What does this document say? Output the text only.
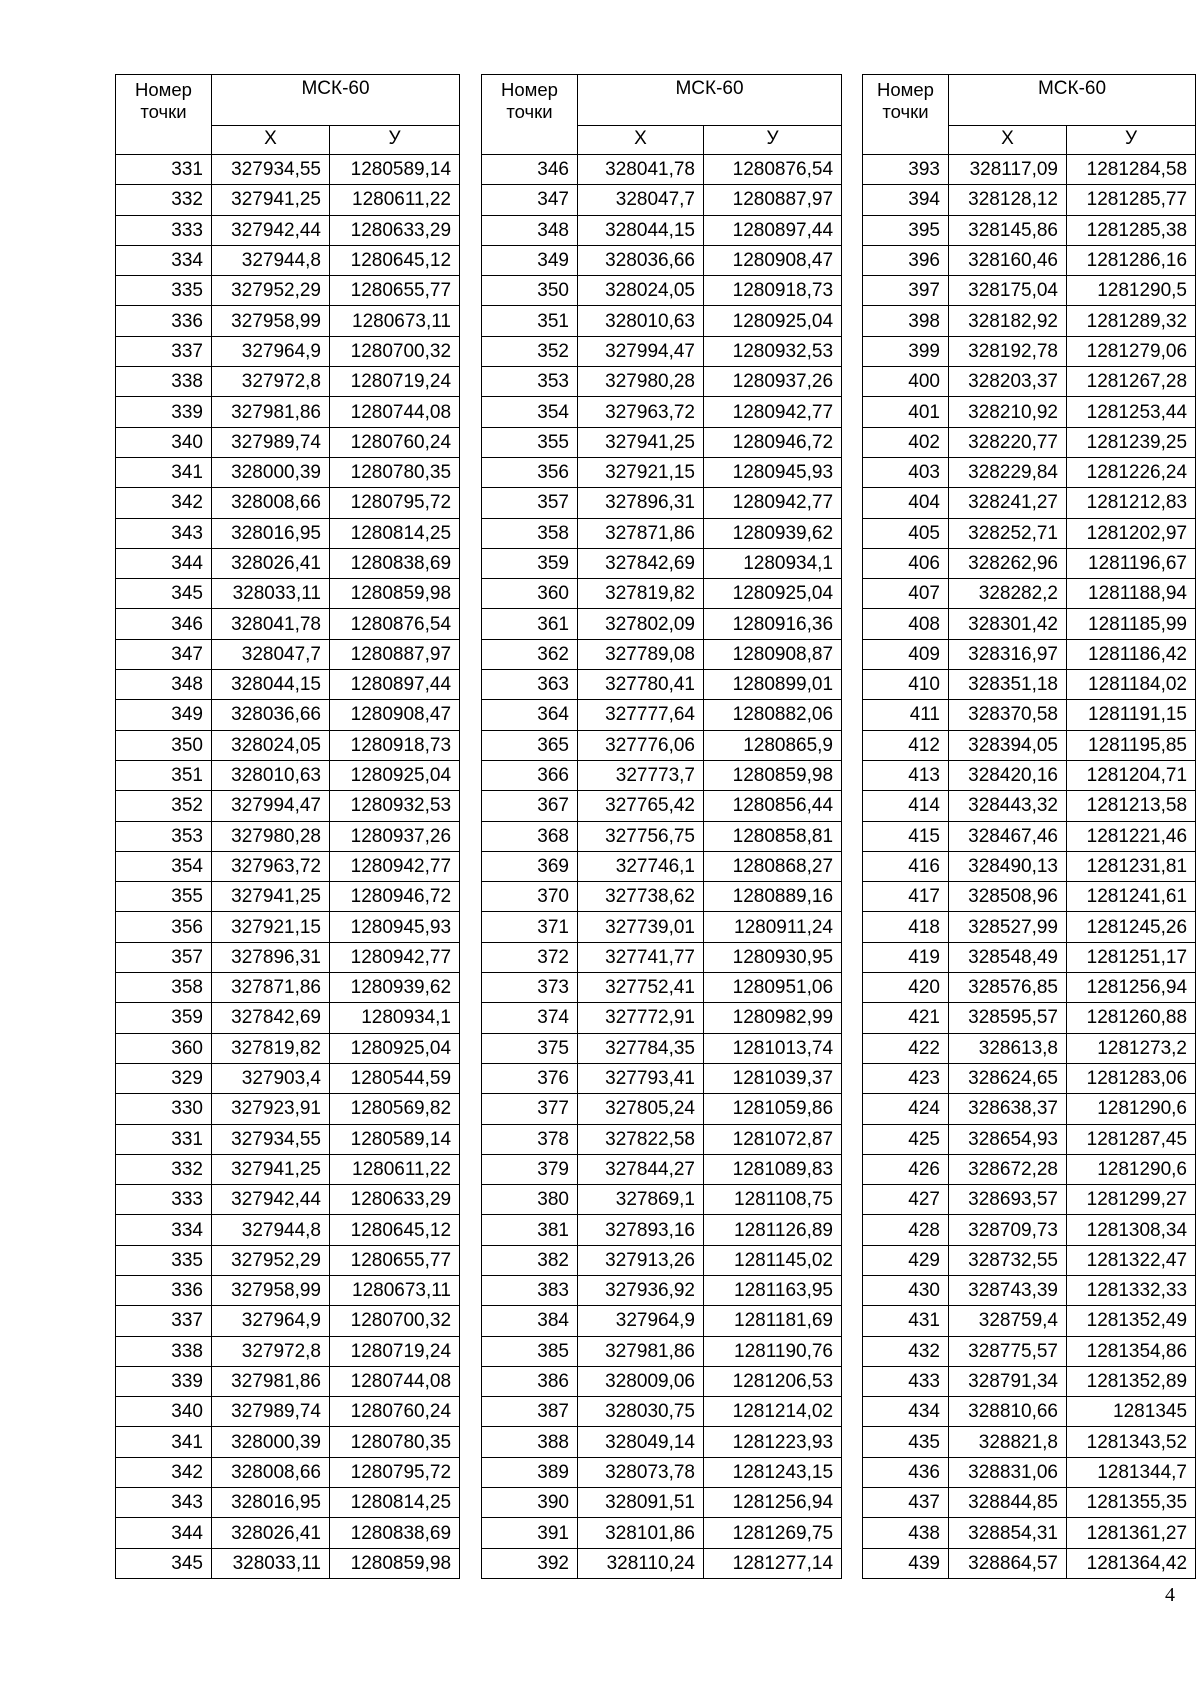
Номер
точки	МСК-60	
	Х	У
331	327934,55	1280589,14
332	327941,25	1280611,22
333	327942,44	1280633,29
334	327944,8	1280645,12
335	327952,29	1280655,77
336	327958,99	1280673,11
337	327964,9	1280700,32
338	327972,8	1280719,24
339	327981,86	1280744,08
340	327989,74	1280760,24
341	328000,39	1280780,35
342	328008,66	1280795,72
343	328016,95	1280814,25
344	328026,41	1280838,69
345	328033,11	1280859,98
346	328041,78	1280876,54
347	328047,7	1280887,97
348	328044,15	1280897,44
349	328036,66	1280908,47
350	328024,05	1280918,73
351	328010,63	1280925,04
352	327994,47	1280932,53
353	327980,28	1280937,26
354	327963,72	1280942,77
355	327941,25	1280946,72
356	327921,15	1280945,93
357	327896,31	1280942,77
358	327871,86	1280939,62
359	327842,69	1280934,1
360	327819,82	1280925,04
329	327903,4	1280544,59
330	327923,91	1280569,82
331	327934,55	1280589,14
332	327941,25	1280611,22
333	327942,44	1280633,29
334	327944,8	1280645,12
335	327952,29	1280655,77
336	327958,99	1280673,11
337	327964,9	1280700,32
338	327972,8	1280719,24
339	327981,86	1280744,08
340	327989,74	1280760,24
341	328000,39	1280780,35
342	328008,66	1280795,72
343	328016,95	1280814,25
344	328026,41	1280838,69
345	328033,11	1280859,98
Номер
точки	МСК-60	
	Х	У
346	328041,78	1280876,54
347	328047,7	1280887,97
348	328044,15	1280897,44
349	328036,66	1280908,47
350	328024,05	1280918,73
351	328010,63	1280925,04
352	327994,47	1280932,53
353	327980,28	1280937,26
354	327963,72	1280942,77
355	327941,25	1280946,72
356	327921,15	1280945,93
357	327896,31	1280942,77
358	327871,86	1280939,62
359	327842,69	1280934,1
360	327819,82	1280925,04
361	327802,09	1280916,36
362	327789,08	1280908,87
363	327780,41	1280899,01
364	327777,64	1280882,06
365	327776,06	1280865,9
366	327773,7	1280859,98
367	327765,42	1280856,44
368	327756,75	1280858,81
369	327746,1	1280868,27
370	327738,62	1280889,16
371	327739,01	1280911,24
372	327741,77	1280930,95
373	327752,41	1280951,06
374	327772,91	1280982,99
375	327784,35	1281013,74
376	327793,41	1281039,37
377	327805,24	1281059,86
378	327822,58	1281072,87
379	327844,27	1281089,83
380	327869,1	1281108,75
381	327893,16	1281126,89
382	327913,26	1281145,02
383	327936,92	1281163,95
384	327964,9	1281181,69
385	327981,86	1281190,76
386	328009,06	1281206,53
387	328030,75	1281214,02
388	328049,14	1281223,93
389	328073,78	1281243,15
390	328091,51	1281256,94
391	328101,86	1281269,75
392	328110,24	1281277,14
Номер
точки	МСК-60	
	Х	У
393	328117,09	1281284,58
394	328128,12	1281285,77
395	328145,86	1281285,38
396	328160,46	1281286,16
397	328175,04	1281290,5
398	328182,92	1281289,32
399	328192,78	1281279,06
400	328203,37	1281267,28
401	328210,92	1281253,44
402	328220,77	1281239,25
403	328229,84	1281226,24
404	328241,27	1281212,83
405	328252,71	1281202,97
406	328262,96	1281196,67
407	328282,2	1281188,94
408	328301,42	1281185,99
409	328316,97	1281186,42
410	328351,18	1281184,02
411	328370,58	1281191,15
412	328394,05	1281195,85
413	328420,16	1281204,71
414	328443,32	1281213,58
415	328467,46	1281221,46
416	328490,13	1281231,81
417	328508,96	1281241,61
418	328527,99	1281245,26
419	328548,49	1281251,17
420	328576,85	1281256,94
421	328595,57	1281260,88
422	328613,8	1281273,2
423	328624,65	1281283,06
424	328638,37	1281290,6
425	328654,93	1281287,45
426	328672,28	1281290,6
427	328693,57	1281299,27
428	328709,73	1281308,34
429	328732,55	1281322,47
430	328743,39	1281332,33
431	328759,4	1281352,49
432	328775,57	1281354,86
433	328791,34	1281352,89
434	328810,66	1281345
435	328821,8	1281343,52
436	328831,06	1281344,7
437	328844,85	1281355,35
438	328854,31	1281361,27
439	328864,57	1281364,42
4
